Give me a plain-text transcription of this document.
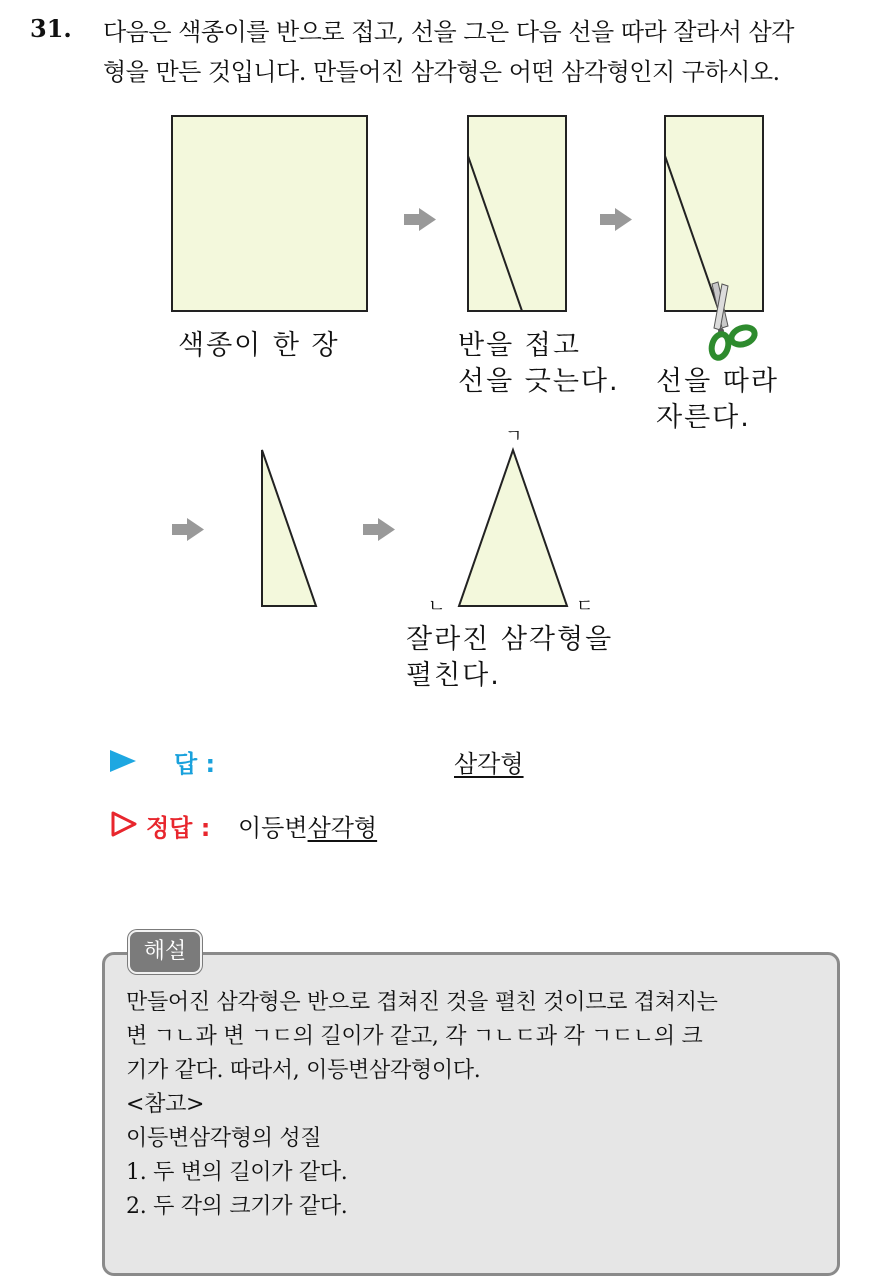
31. 다음은 색종이를 반으로 접고, 선을 그은 다음 선을 따라 잘라서 삼각
형을 만든 것입니다. 만들어진 삼각형은 어떤 삼각형인지 구하시오.
색종이 한 장	반을 접고
선을 긋는다. 선을 따라
자른다.
잘라진 삼각형을
펼친다.
ㄱ
ㄴ	ㄷ
답 :	삼각형
정답 : 이등변삼각형
해설
만들어진 삼각형은 반으로 겹쳐진 것을 펼친 것이므로 겹쳐지는
변 ㄱㄴ과 변 ㄱㄷ의 길이가 같고, 각 ㄱㄴㄷ과 각 ㄱㄷㄴ의 크
기가 같다. 따라서, 이등변삼각형이다.
<참고>
이등변삼각형의 성질
1. 두 변의 길이가 같다.
2. 두 각의 크기가 같다.
